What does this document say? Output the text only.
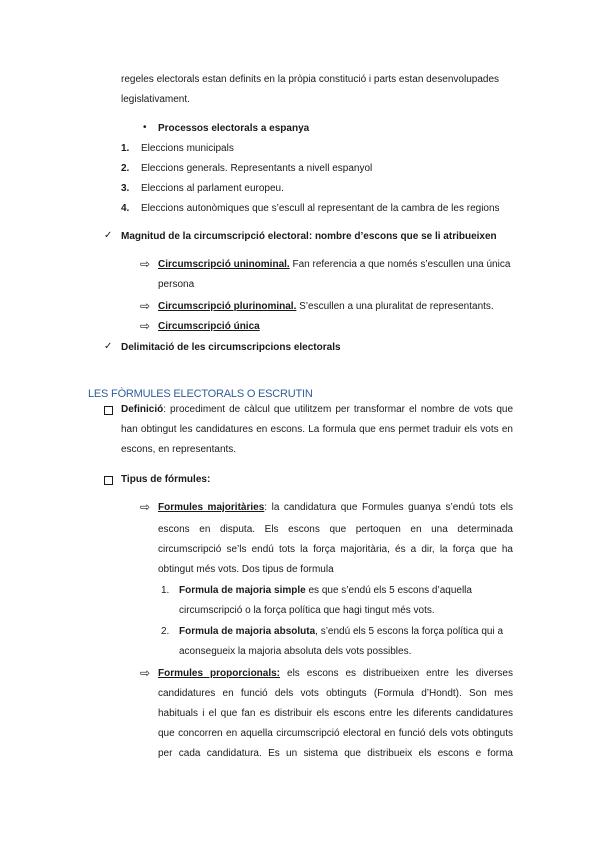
regeles electorals estan definits en la pròpia constitució i parts estan desenvolupades
legislativament.
• Processos electorals a espanya
1. Eleccions municipals
2. Eleccions generals. Representants a nivell espanyol
3. Eleccions al parlament europeu.
4. Eleccions autonòmiques que s’escull al representant de la cambra de les regions
✓ Magnitud de la circumscripció electoral: nombre d’escons que se li atribueixen
⇨ Circumscripció uninominal. Fan referencia a que només s’escullen una única
persona
⇨ Circumscripció plurinominal. S’escullen a una pluralitat de representants.
⇨ Circumscripció única
✓ Delimitació de les circumscripcions electorals
LES FÒRMULES ELECTORALS O ESCRUTIN
Definició: procediment de càlcul que utilitzem per transformar el nombre de vots que
han obtingut les candidatures en escons. La formula que ens permet traduir els vots en
escons, en representants.
Tipus de fórmules:
⇨ Formules majoritàries: la candidatura que Formules guanya s’endú tots els
escons en disputa. Els escons que pertoquen en una determinada
circumscripció se’ls endú tots la força majoritària, és a dir, la força que ha
obtingut més vots. Dos tipus de formula
1. Formula de majoria simple es que s’endú els 5 escons d’aquella
circumscripció o la força política que hagi tingut més vots.
2. Formula de majoria absoluta, s’endú els 5 escons la força política qui a
aconsegueix la majoria absoluta dels vots possibles.
⇨ Formules proporcionals: els escons es distribueixen entre les diverses
candidatures en funció dels vots obtinguts (Formula d’Hondt). Son mes
habituals i el que fan es distribuir els escons entre les diferents candidatures
que concorren en aquella circumscripció electoral en funció dels vots obtinguts
per cada candidatura. Es un sistema que distribueix els escons e forma
